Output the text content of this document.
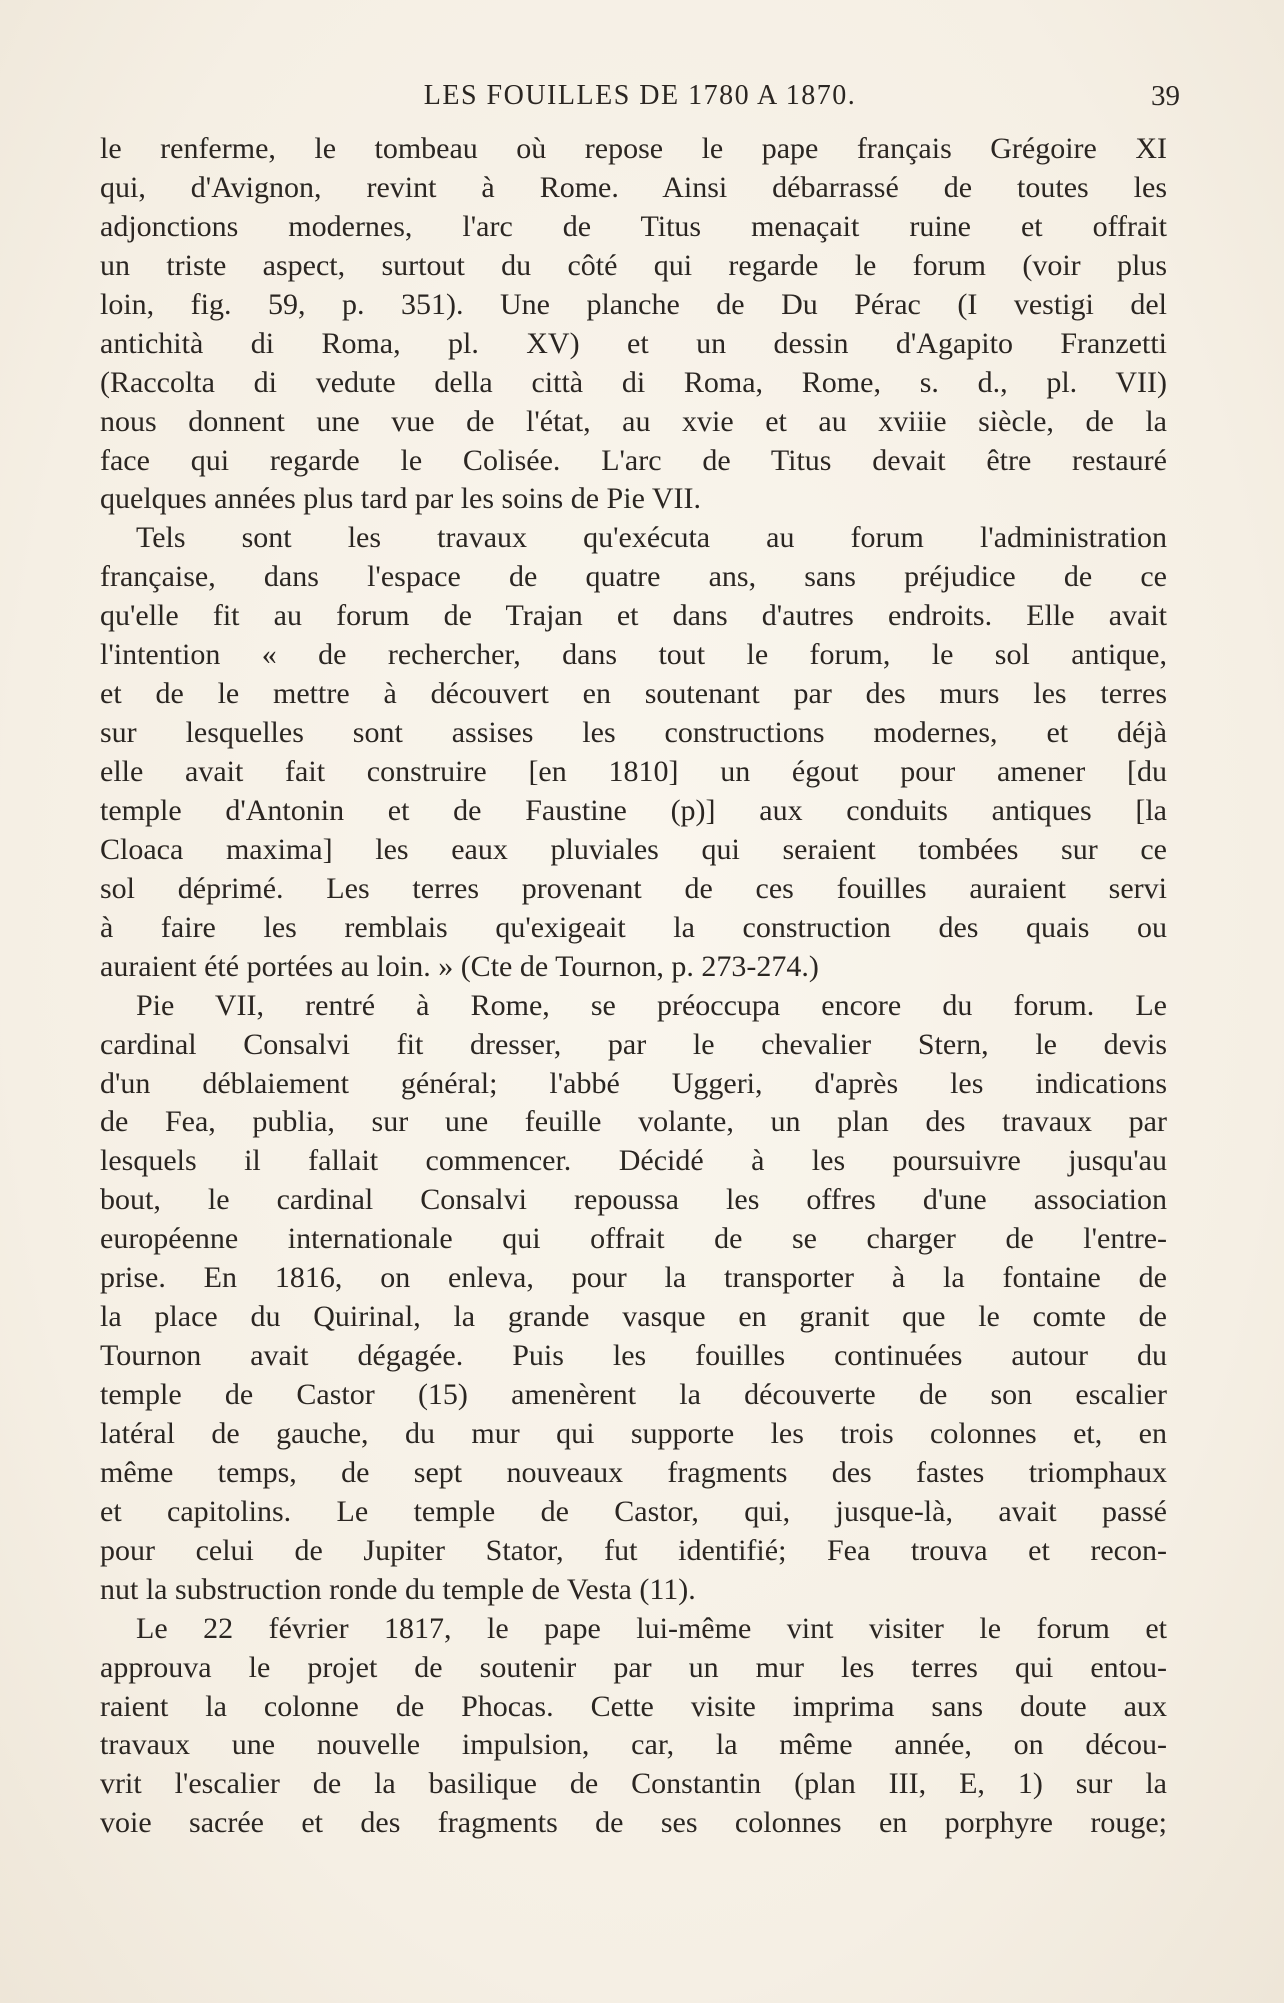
LES FOUILLES DE 1780 A 1870.	39
le renferme, le tombeau où repose le pape français Grégoire XI
qui, d'Avignon, revint à Rome. Ainsi débarrassé de toutes les
adjonctions modernes, l'arc de Titus menaçait ruine et offrait
un triste aspect, surtout du côté qui regarde le forum (voir plus
loin, fig. 59, p. 351). Une planche de Du Pérac (I vestigi del
antichità di Roma, pl. XV) et un dessin d'Agapito Franzetti
(Raccolta di vedute della città di Roma, Rome, s. d., pl. VII)
nous donnent une vue de l'état, au xvie et au xviiie siècle, de la
face qui regarde le Colisée. L'arc de Titus devait être restauré
quelques années plus tard par les soins de Pie VII.
Tels sont les travaux qu'exécuta au forum l'administration
française, dans l'espace de quatre ans, sans préjudice de ce
qu'elle fit au forum de Trajan et dans d'autres endroits. Elle avait
l'intention « de rechercher, dans tout le forum, le sol antique,
et de le mettre à découvert en soutenant par des murs les terres
sur lesquelles sont assises les constructions modernes, et déjà
elle avait fait construire [en 1810] un égout pour amener [du
temple d'Antonin et de Faustine (p)] aux conduits antiques [la
Cloaca maxima] les eaux pluviales qui seraient tombées sur ce
sol déprimé. Les terres provenant de ces fouilles auraient servi
à faire les remblais qu'exigeait la construction des quais ou
auraient été portées au loin. » (Cte de Tournon, p. 273-274.)
Pie VII, rentré à Rome, se préoccupa encore du forum. Le
cardinal Consalvi fit dresser, par le chevalier Stern, le devis
d'un déblaiement général; l'abbé Uggeri, d'après les indications
de Fea, publia, sur une feuille volante, un plan des travaux par
lesquels il fallait commencer. Décidé à les poursuivre jusqu'au
bout, le cardinal Consalvi repoussa les offres d'une association
européenne internationale qui offrait de se charger de l'entre-
prise. En 1816, on enleva, pour la transporter à la fontaine de
la place du Quirinal, la grande vasque en granit que le comte de
Tournon avait dégagée. Puis les fouilles continuées autour du
temple de Castor (15) amenèrent la découverte de son escalier
latéral de gauche, du mur qui supporte les trois colonnes et, en
même temps, de sept nouveaux fragments des fastes triomphaux
et capitolins. Le temple de Castor, qui, jusque-là, avait passé
pour celui de Jupiter Stator, fut identifié; Fea trouva et recon-
nut la substruction ronde du temple de Vesta (11).
Le 22 février 1817, le pape lui-même vint visiter le forum et
approuva le projet de soutenir par un mur les terres qui entou-
raient la colonne de Phocas. Cette visite imprima sans doute aux
travaux une nouvelle impulsion, car, la même année, on décou-
vrit l'escalier de la basilique de Constantin (plan III, E, 1) sur la
voie sacrée et des fragments de ses colonnes en porphyre rouge;
